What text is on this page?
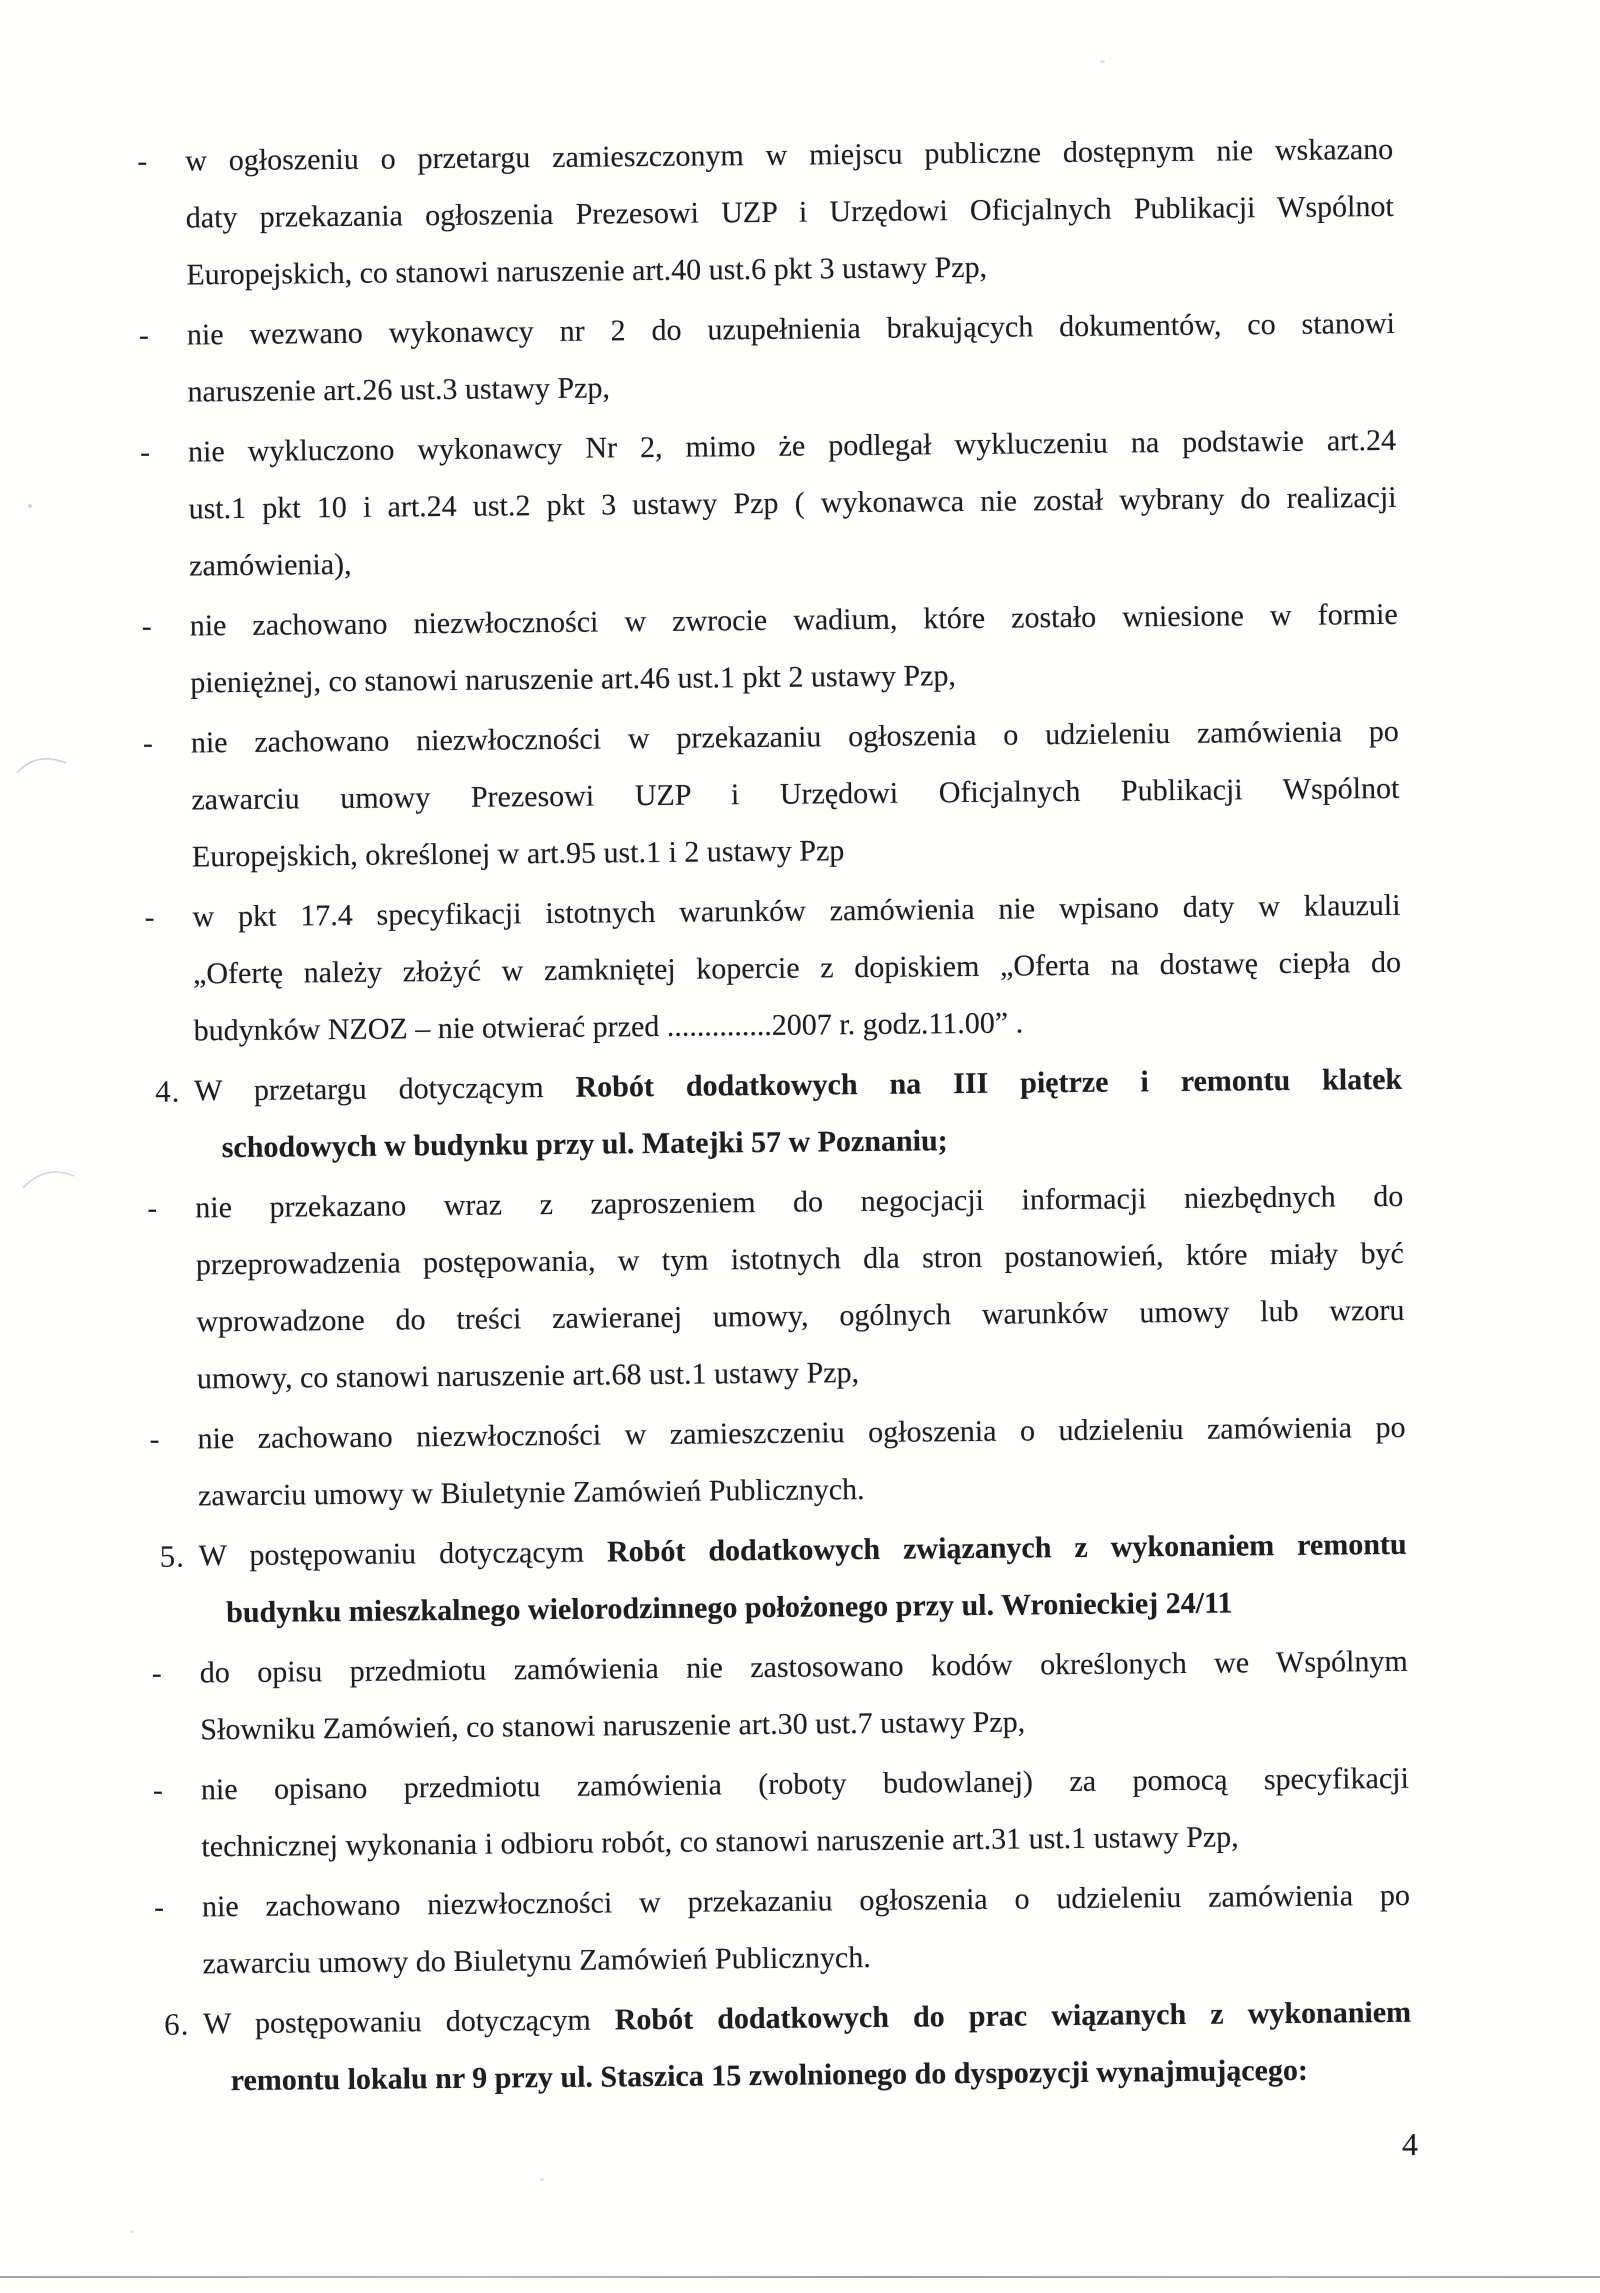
-	w ogłoszeniu o przetargu zamieszczonym w miejscu publiczne dostępnym nie wskazano
daty przekazania ogłoszenia Prezesowi UZP i Urzędowi Oficjalnych Publikacji Wspólnot
Europejskich, co stanowi naruszenie art.40 ust.6 pkt 3 ustawy Pzp,
-	nie wezwano wykonawcy nr 2 do uzupełnienia brakujących dokumentów, co stanowi
naruszenie art.26 ust.3 ustawy Pzp,
-	nie wykluczono wykonawcy Nr 2, mimo że podlegał wykluczeniu na podstawie art.24
ust.1 pkt 10 i art.24 ust.2 pkt 3 ustawy Pzp ( wykonawca nie został wybrany do realizacji
zamówienia),
-	nie zachowano niezwłoczności w zwrocie wadium, które zostało wniesione w formie
pieniężnej, co stanowi naruszenie art.46 ust.1 pkt 2 ustawy Pzp,
-	nie zachowano niezwłoczności w przekazaniu ogłoszenia o udzieleniu zamówienia po
zawarciu umowy Prezesowi UZP i Urzędowi Oficjalnych Publikacji Wspólnot
Europejskich, określonej w art.95 ust.1 i 2 ustawy Pzp
-	w pkt 17.4 specyfikacji istotnych warunków zamówienia nie wpisano daty w klauzuli
„Ofertę należy złożyć w zamkniętej kopercie z dopiskiem „Oferta na dostawę ciepła do
budynków NZOZ – nie otwierać przed ..............2007 r. godz.11.00” .
4. W przetargu dotyczącym Robót dodatkowych na III piętrze i remontu klatek
schodowych w budynku przy ul. Matejki 57 w Poznaniu;
-	nie przekazano wraz z zaproszeniem do negocjacji informacji niezbędnych do
przeprowadzenia postępowania, w tym istotnych dla stron postanowień, które miały być
wprowadzone do treści zawieranej umowy, ogólnych warunków umowy lub wzoru
umowy, co stanowi naruszenie art.68 ust.1 ustawy Pzp,
-	nie zachowano niezwłoczności w zamieszczeniu ogłoszenia o udzieleniu zamówienia po
zawarciu umowy w Biuletynie Zamówień Publicznych.
5. W postępowaniu dotyczącym Robót dodatkowych związanych z wykonaniem remontu
budynku mieszkalnego wielorodzinnego położonego przy ul. Wronieckiej 24/11
-	do opisu przedmiotu zamówienia nie zastosowano kodów określonych we Wspólnym
Słowniku Zamówień, co stanowi naruszenie art.30 ust.7 ustawy Pzp,
-	nie opisano przedmiotu zamówienia (roboty budowlanej) za pomocą specyfikacji
technicznej wykonania i odbioru robót, co stanowi naruszenie art.31 ust.1 ustawy Pzp,
-	nie zachowano niezwłoczności w przekazaniu ogłoszenia o udzieleniu zamówienia po
zawarciu umowy do Biuletynu Zamówień Publicznych.
6. W postępowaniu dotyczącym Robót dodatkowych do prac wiązanych z wykonaniem
remontu lokalu nr 9 przy ul. Staszica 15 zwolnionego do dyspozycji wynajmującego:
4
